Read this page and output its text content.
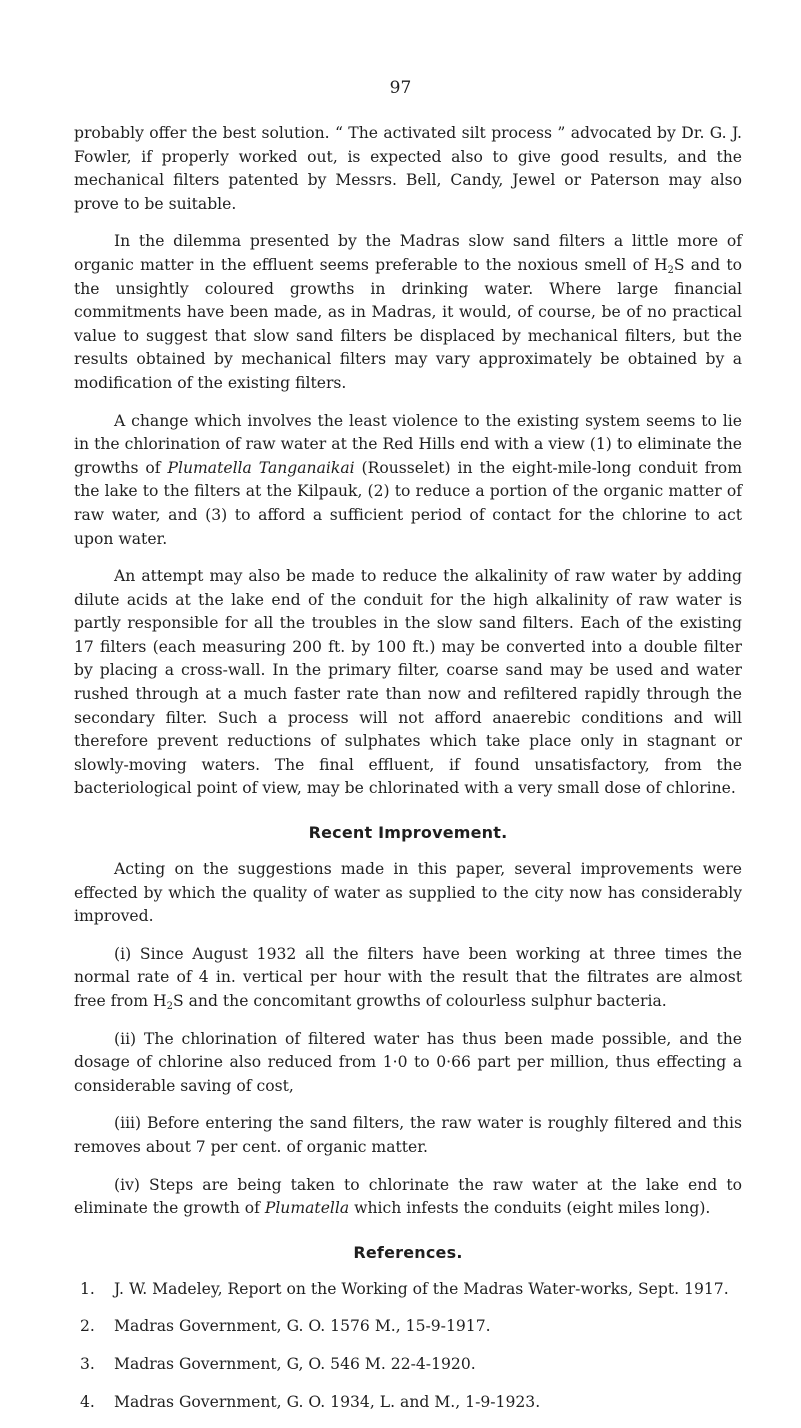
97

probably offer the best solution. “ The activated silt process ” advocated by Dr. G. J. Fowler, if properly worked out, is expected also to give good results, and the mechanical filters patented by Messrs. Bell, Candy, Jewel or Paterson may also prove to be suitable.

In the dilemma presented by the Madras slow sand filters a little more of organic matter in the effluent seems preferable to the noxious smell of $H_2S$ and to the unsightly coloured growths in drinking water. Where large financial commitments have been made, as in Madras, it would, of course, be of no practical value to suggest that slow sand filters be displaced by mechanical filters, but the results obtained by mechanical filters may vary approximately be obtained by a modification of the existing filters.

A change which involves the least violence to the existing system seems to lie in the chlorination of raw water at the Red Hills end with a view (1) to eliminate the growths of Plumatella Tanganaikai (Rousselet) in the eight-mile-long conduit from the lake to the filters at the Kilpauk, (2) to reduce a portion of the organic matter of raw water, and (3) to afford a sufficient period of contact for the chlorine to act upon water.

An attempt may also be made to reduce the alkalinity of raw water by adding dilute acids at the lake end of the conduit for the high alkalinity of raw water is partly responsible for all the troubles in the slow sand filters. Each of the existing 17 filters (each measuring 200 ft. by 100 ft.) may be converted into a double filter by placing a cross-wall. In the primary filter, coarse sand may be used and water rushed through at a much faster rate than now and refiltered rapidly through the secondary filter. Such a process will not afford anaerebic conditions and will therefore prevent reductions of sulphates which take place only in stagnant or slowly-moving waters. The final effluent, if found unsatisfactory, from the bacteriological point of view, may be chlorinated with a very small dose of chlorine.

Recent Improvement.

Acting on the suggestions made in this paper, several improvements were effected by which the quality of water as supplied to the city now has considerably improved.

(i) Since August 1932 all the filters have been working at three times the normal rate of 4 in. vertical per hour with the result that the filtrates are almost free from $H_2S$ and the concomitant growths of colourless sulphur bacteria.

(ii) The chlorination of filtered water has thus been made possible, and the dosage of chlorine also reduced from 1·0 to 0·66 part per million, thus effecting a considerable saving of cost,

(iii) Before entering the sand filters, the raw water is roughly filtered and this removes about 7 per cent. of organic matter.

(iv) Steps are being taken to chlorinate the raw water at the lake end to eliminate the growth of Plumatella which infests the conduits (eight miles long).

References.
1.	J. W. Madeley, Report on the Working of the Madras Water-works, Sept. 1917.
2.	Madras Government, G. O. 1576 M., 15-9-1917.
3.	Madras Government, G, O. 546 M. 22-4-1920.
4.	Madras Government, G. O. 1934, L. and M., 1-9-1923.
